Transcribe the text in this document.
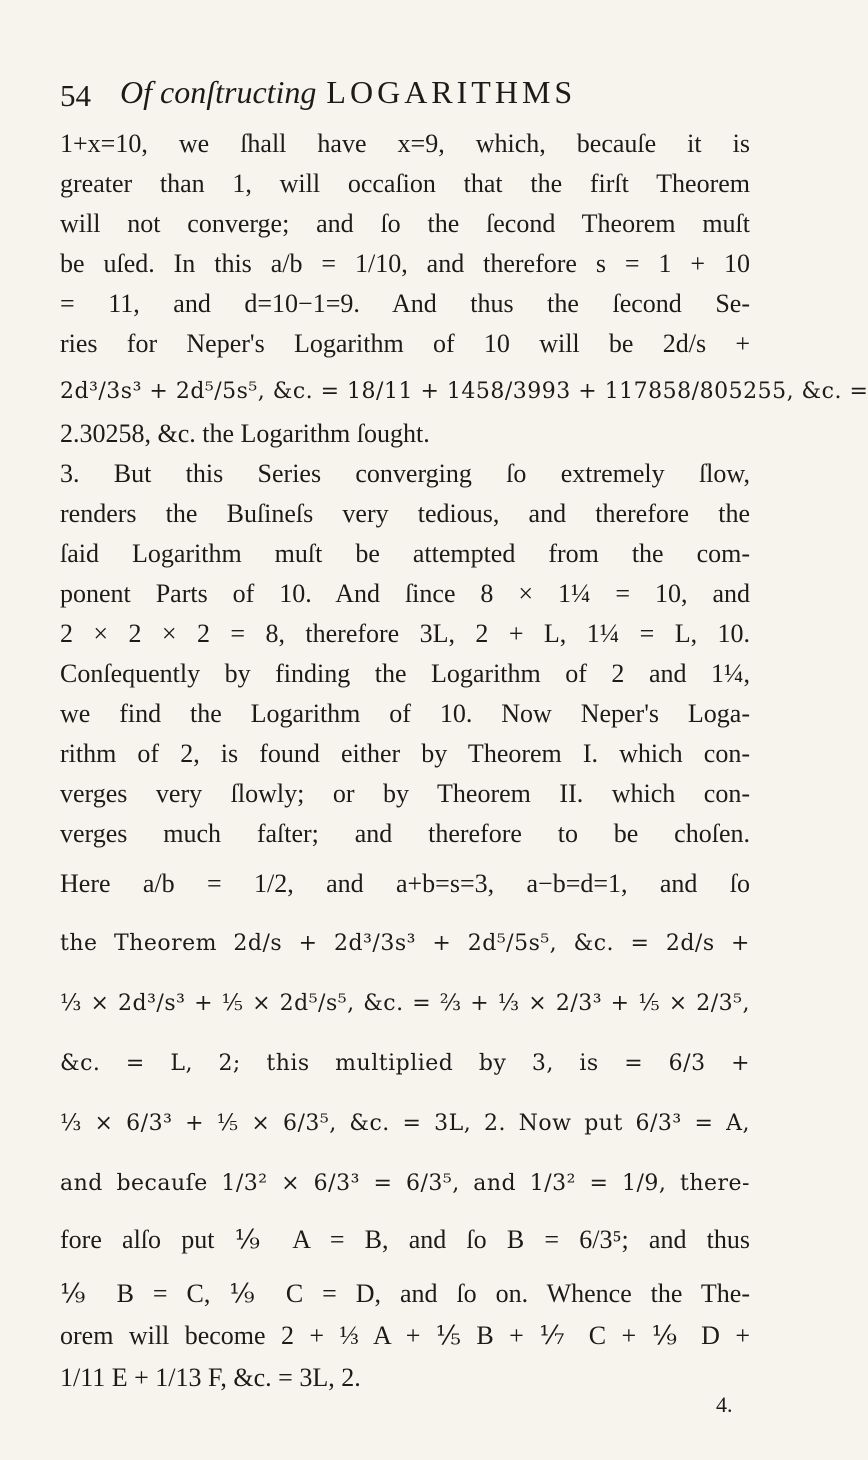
54 Of conſtructing LOGARITHMS
1+x=10, we ſhall have x=9, which, becauſe it is
greater than 1, will occaſion that the firſt Theorem
will not converge; and ſo the ſecond Theorem muſt
be uſed. In this a/b = 1/10, and therefore s = 1 + 10
= 11, and d=10−1=9. And thus the ſecond Se-
ries for Neper's Logarithm of 10 will be 2d/s +
2d³/3s³ + 2d⁵/5s⁵, &c. = 18/11 + 1458/3993 + 117858/805255, &c. =
2.30258, &c. the Logarithm ſought.
3. But this Series converging ſo extremely ſlow,
renders the Buſineſs very tedious, and therefore the
ſaid Logarithm muſt be attempted from the com-
ponent Parts of 10. And ſince 8 × 1¼ = 10, and
2 × 2 × 2 = 8, therefore 3L, 2 + L, 1¼ = L, 10.
Conſequently by finding the Logarithm of 2 and 1¼,
we find the Logarithm of 10. Now Neper's Loga-
rithm of 2, is found either by Theorem I. which con-
verges very ſlowly; or by Theorem II. which con-
verges much faſter; and therefore to be choſen.
Here a/b = 1/2, and a+b=s=3, a−b=d=1, and ſo
the Theorem 2d/s + 2d³/3s³ + 2d⁵/5s⁵, &c. = 2d/s +
⅓ × 2d³/s³ + ⅕ × 2d⁵/s⁵, &c. = ⅔ + ⅓ × 2/3³ + ⅕ × 2/3⁵,
&c. = L, 2; this multiplied by 3, is = 6/3 +
⅓ × 6/3³ + ⅕ × 6/3⁵, &c. = 3L, 2. Now put 6/3³ = A,
and becauſe 1/3² × 6/3³ = 6/3⁵, and 1/3² = 1/9, there-
fore alſo put ⅑ A = B, and ſo B = 6/3⁵; and thus
⅑ B = C, ⅑ C = D, and ſo on. Whence the The-
orem will become 2 + ⅓ A + ⅕ B + ⅐ C + ⅑ D +
1/11 E + 1/13 F, &c. = 3L, 2.
4.
